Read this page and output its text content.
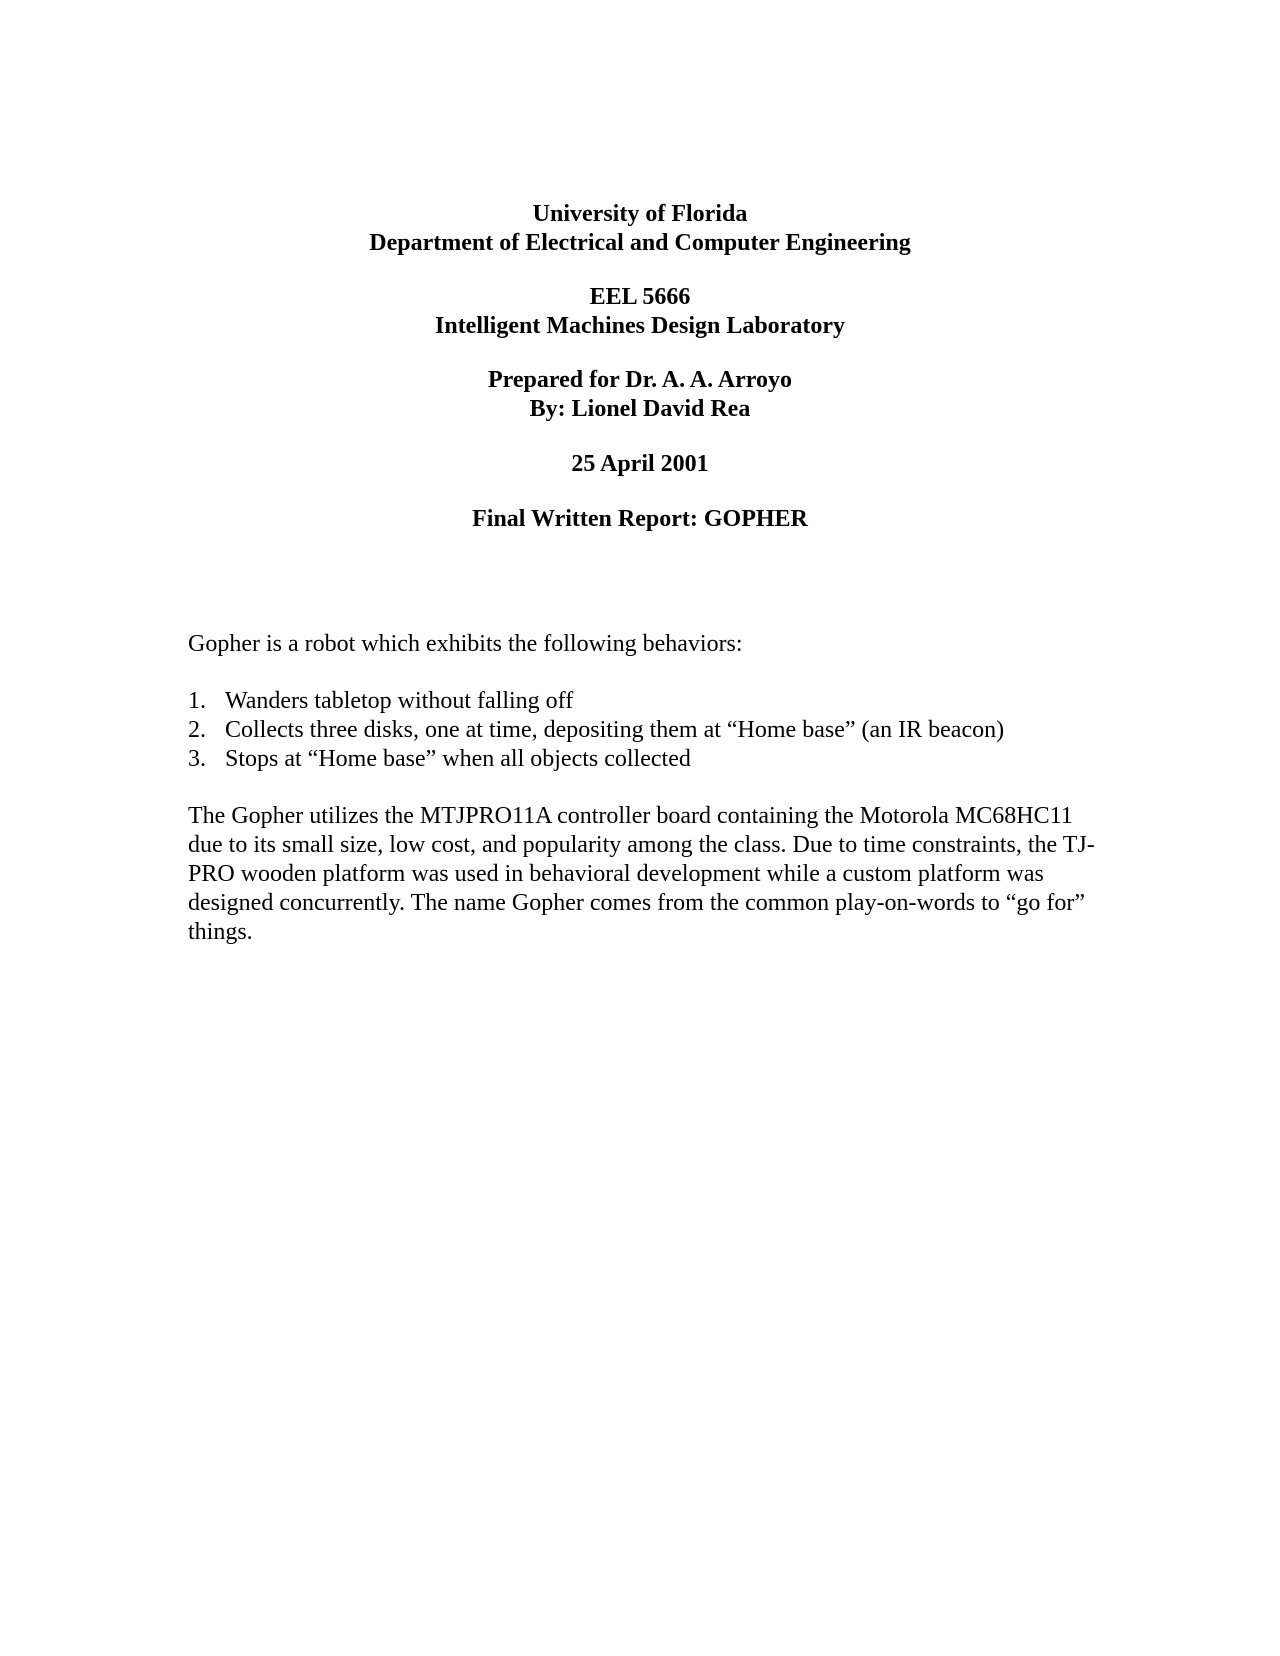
University of Florida
Department of Electrical and Computer Engineering
EEL 5666
Intelligent Machines Design Laboratory
Prepared for Dr. A. A. Arroyo
By: Lionel David Rea
25 April 2001
Final Written Report: GOPHER

Gopher is a robot which exhibits the following behaviors:

1. Wanders tabletop without falling off
2. Collects three disks, one at time, depositing them at “Home base” (an IR beacon)
3. Stops at “Home base” when all objects collected

The Gopher utilizes the MTJPRO11A controller board containing the Motorola MC68HC11 due to its small size, low cost, and popularity among the class. Due to time constraints, the TJ-PRO wooden platform was used in behavioral development while a custom platform was designed concurrently. The name Gopher comes from the common play-on-words to “go for” things.
